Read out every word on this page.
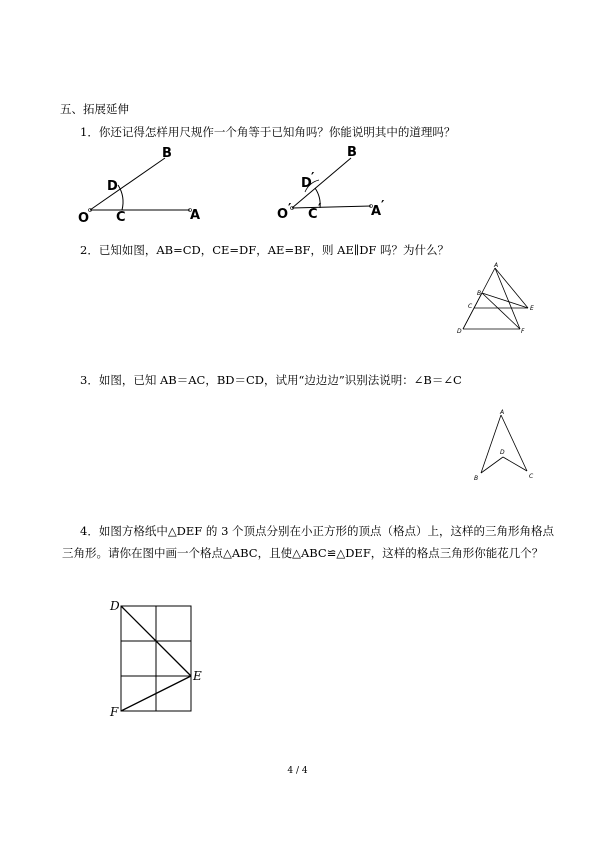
五、拓展延伸
1．你还记得怎样用尺规作一个角等于已知角吗？你能说明其中的道理吗？
B
D
O C	A
B
D ′
O ′ C ′	A ′
2．已知如图，AB=CD，CE=DF，AE=BF，则 AE∥DF 吗？为什么？
A
B
C
D
E
F
3．如图，已知 AB＝AC，BD＝CD，试用“边边边”识别法说明：∠B＝∠C
A
B	C
D
4．如图方格纸中△DEF 的 3 个顶点分别在小正方形的顶点（格点）上，这样的三角形角格点三角形。请你在图中画一个格点△ABC，且使△ABC≌△DEF，这样的格点三角形你能花几个？
D
E
F
4 / 4
